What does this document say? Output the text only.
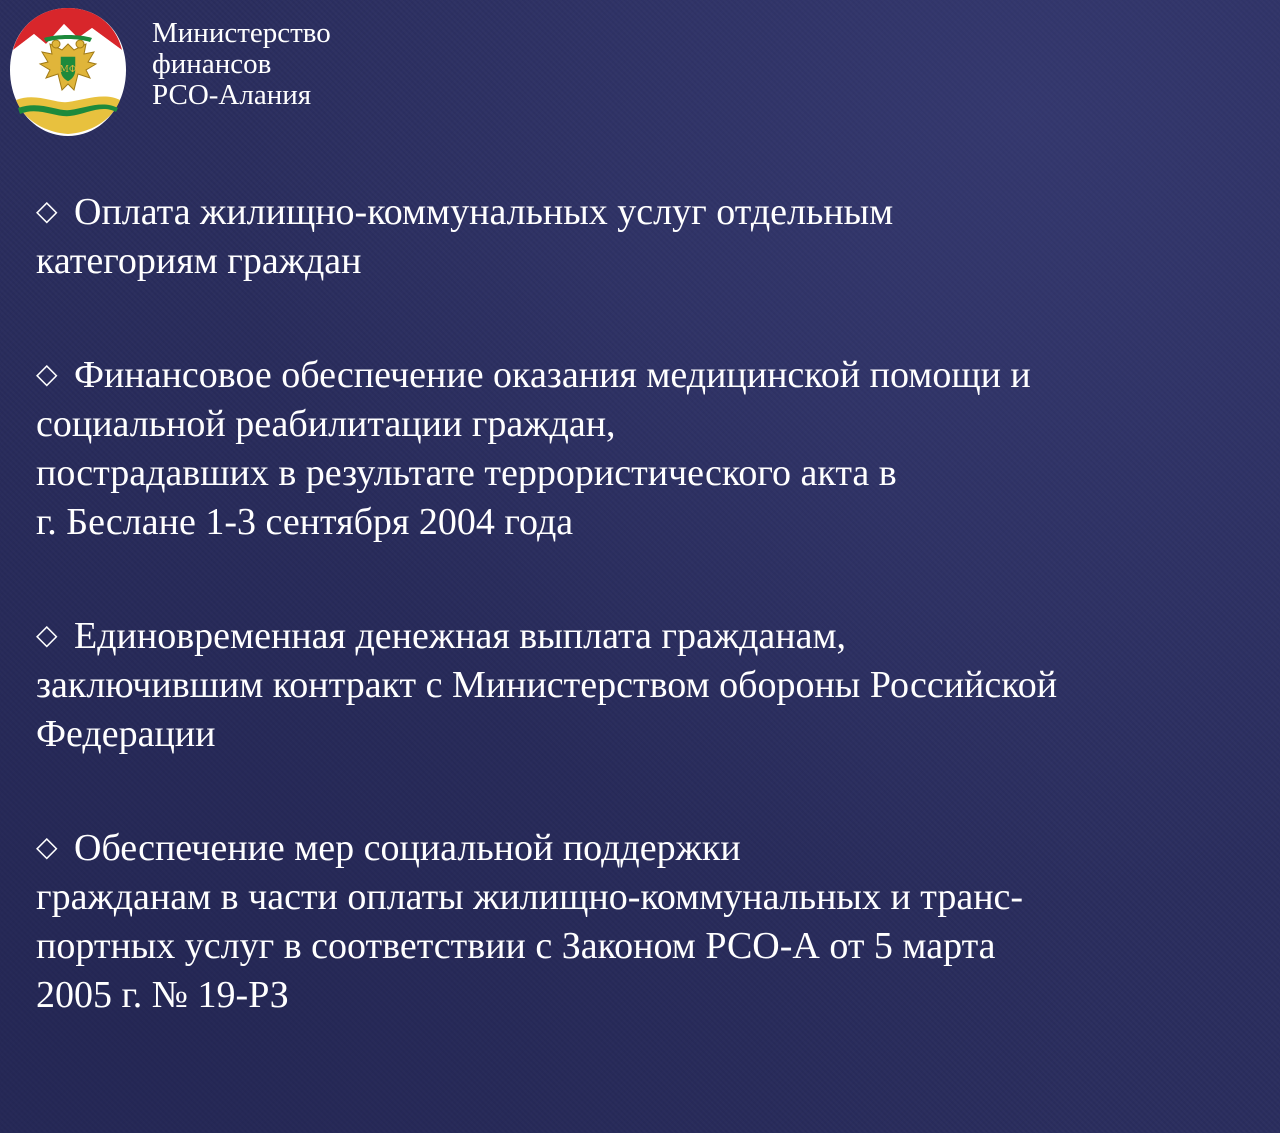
МФ
Министерство
финансов
РСО-Алания
◇ Оплата жилищно-коммунальных услуг отдельным
категориям граждан
◇ Финансовое обеспечение оказания медицинской помощи и
социальной реабилитации граждан,
пострадавших в результате террористического акта в
г. Беслане 1-3 сентября 2004 года
◇ Единовременная денежная выплата гражданам,
заключившим контракт с Министерством обороны Российской
Федерации
◇ Обеспечение мер социальной поддержки
гражданам в части оплаты жилищно-коммунальных и транс-
портных услуг в соответствии с Законом РСО-А от 5 марта
2005 г. № 19-РЗ
